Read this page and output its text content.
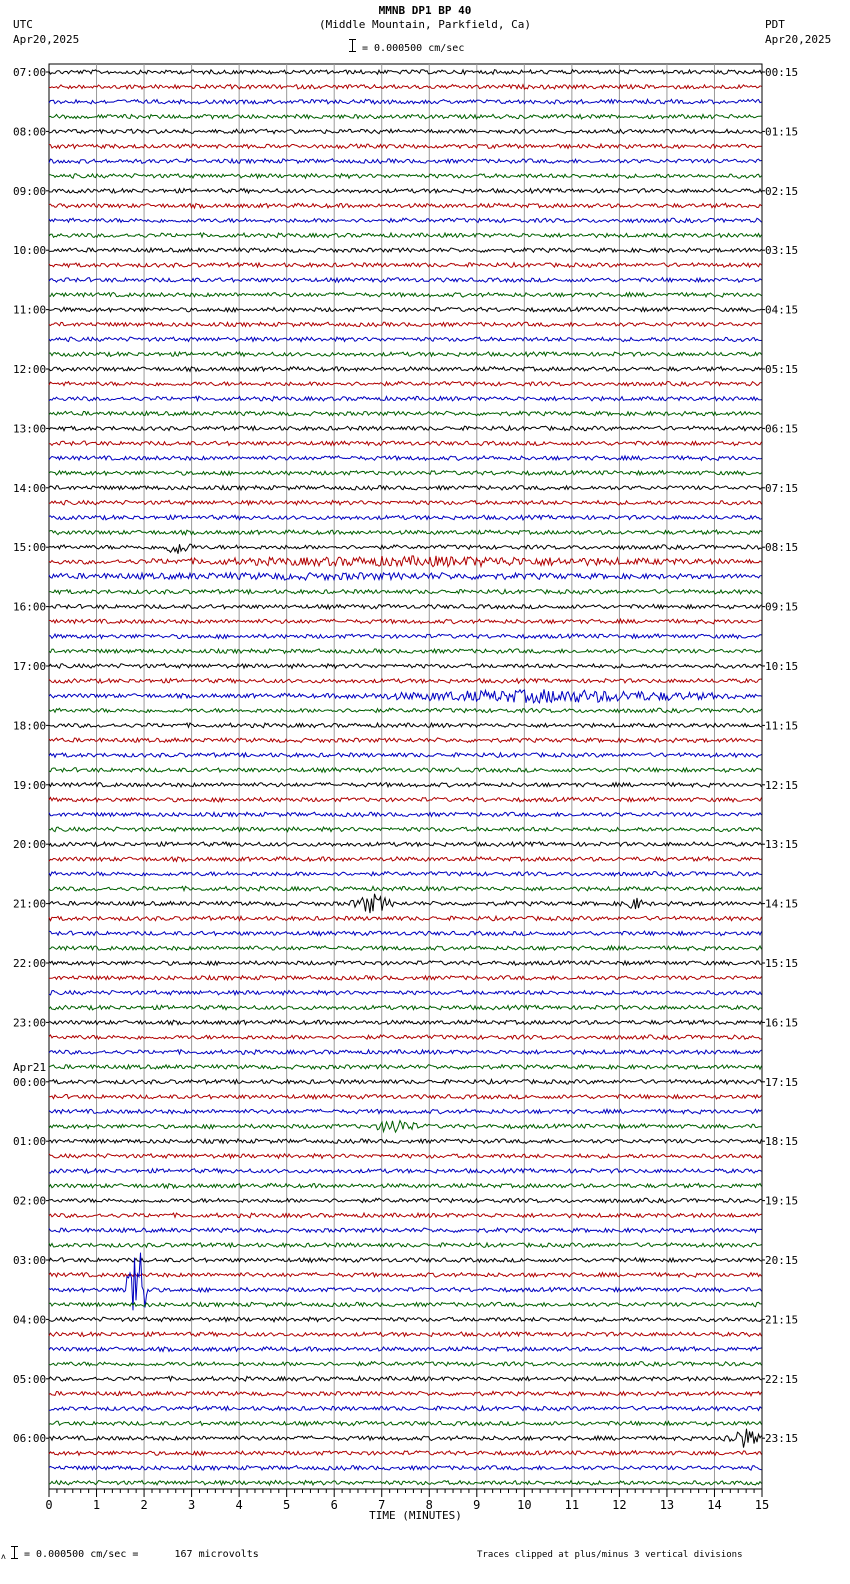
MMNB DP1 BP 40
(Middle Mountain, Parkfield, Ca)
UTC
Apr20,2025
PDT
Apr20,2025
= 0.000500 cm/sec
07:00	00:15
08:00	01:15
09:00	02:15
10:00	03:15
11:00	04:15
12:00	05:15
13:00	06:15
14:00	07:15
15:00	08:15
16:00	09:15
17:00	10:15
18:00	11:15
19:00	12:15
20:00	13:15
21:00	14:15
22:00	15:15
23:00	16:15
00:00	17:15
01:00	18:15
02:00	19:15
03:00	20:15
04:00	21:15
05:00	22:15
06:00	23:15
Apr21
0	1	2	3	4	5	6	7	8	9	10	11	12	13	14	15
TIME (MINUTES)
ʌ = 0.000500 cm/sec =      167 microvolts	Traces clipped at plus/minus 3 vertical divisions
